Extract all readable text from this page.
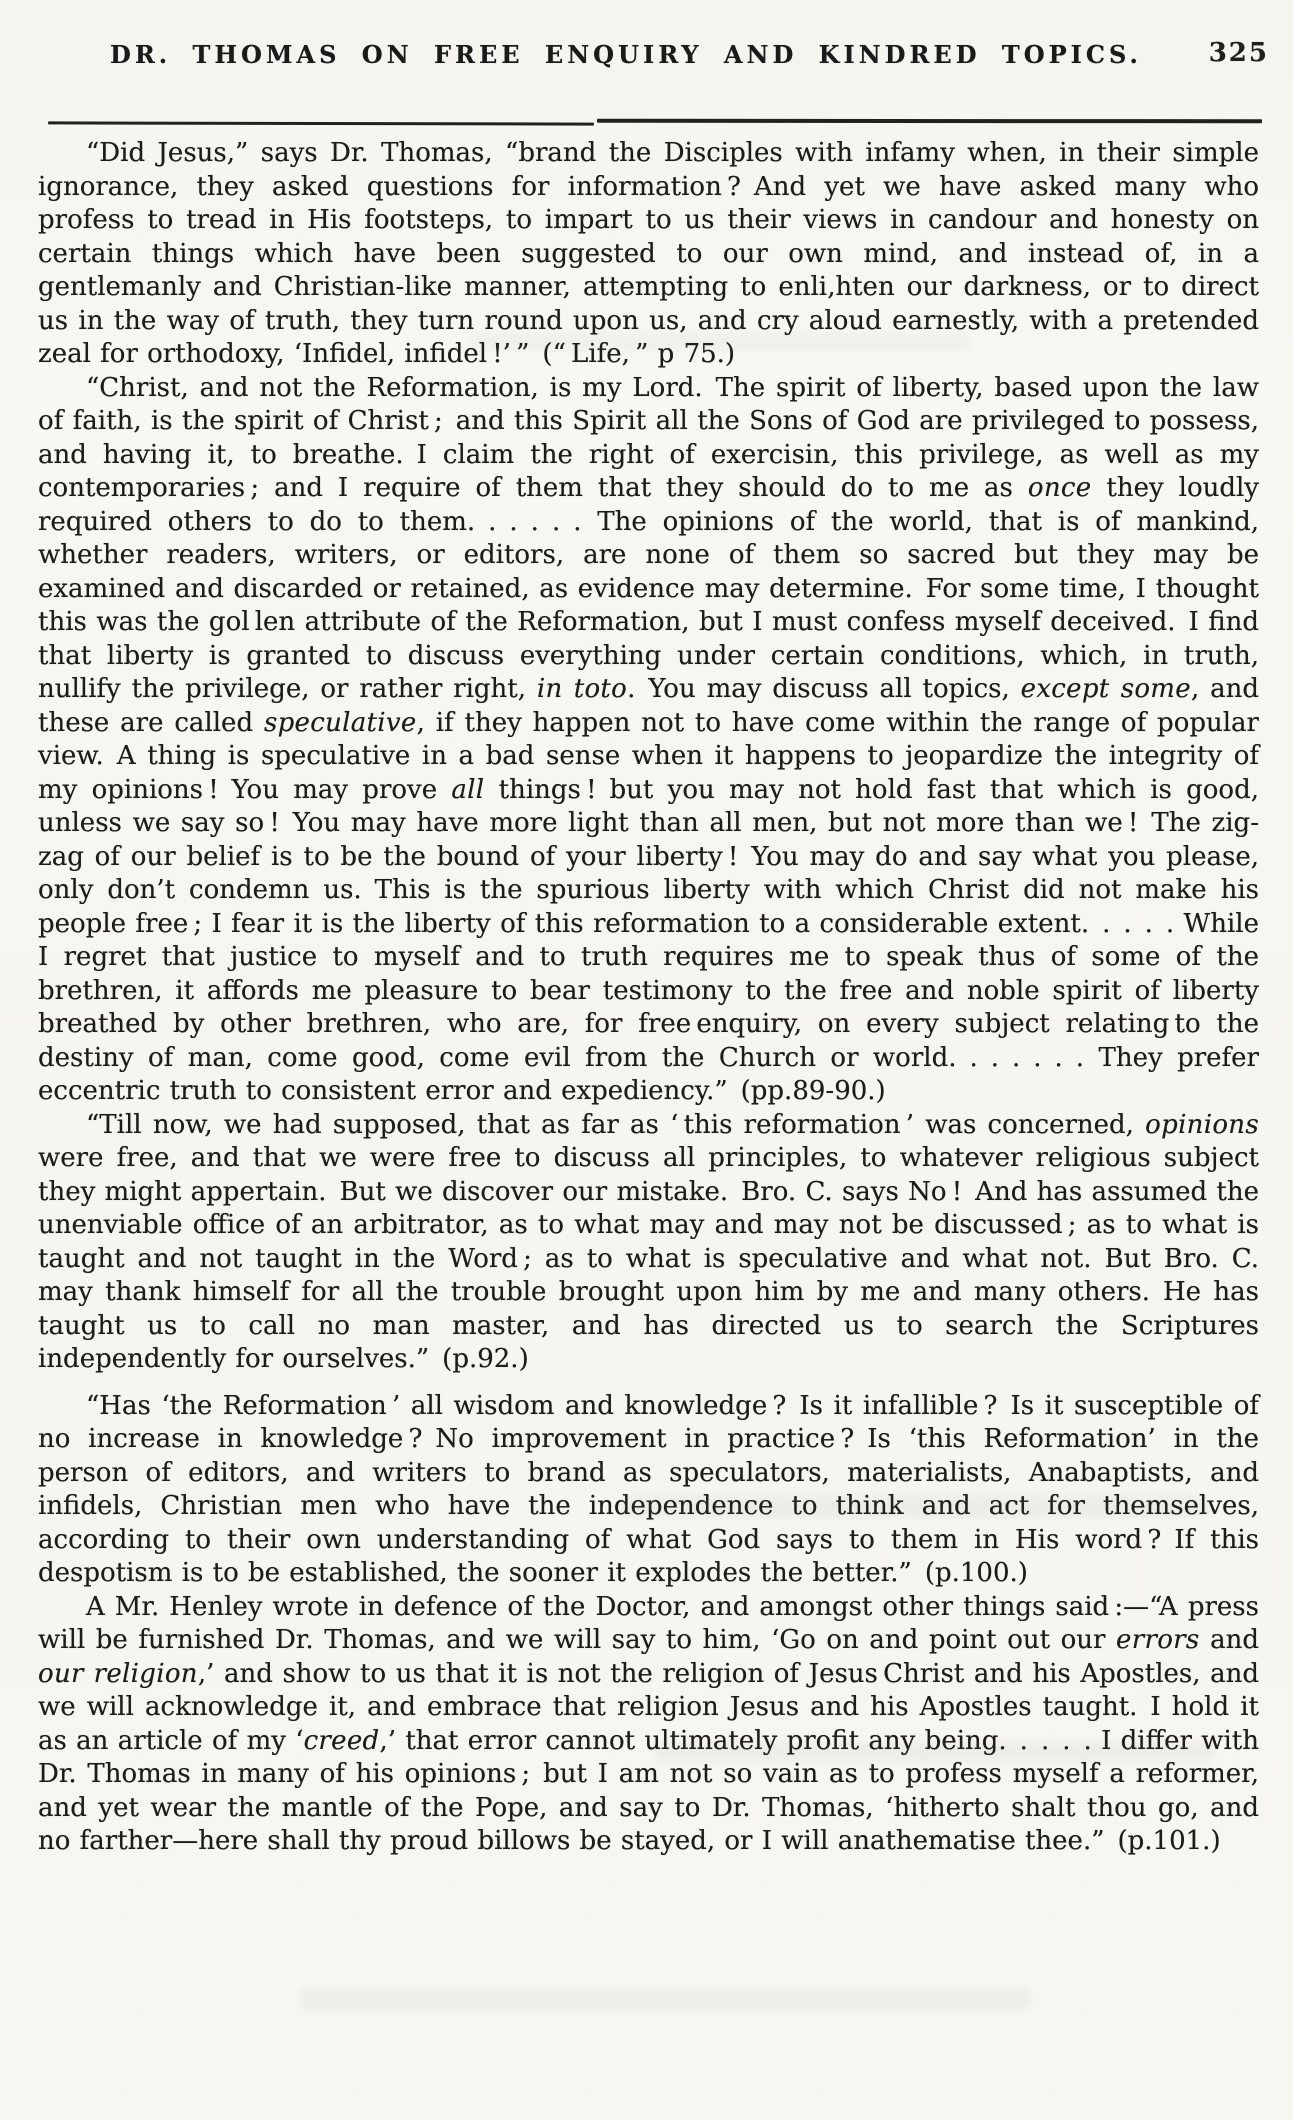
DR. THOMAS ON FREE ENQUIRY AND KINDRED TOPICS.	325

“Did Jesus,” says Dr. Thomas, “brand the Disciples with infamy when, in their simple ignorance, they asked questions for information ? And yet we have asked many who profess to tread in His footsteps, to impart to us their views in candour and honesty on certain things which have been suggested to our own mind, and instead of, in a gentlemanly and Christian-like manner, attempting to enli‚hten our darkness, or to direct us in the way of truth, they turn round upon us, and cry aloud earnestly, with a pretended zeal for orthodoxy, ‘Infidel, infidel !’ ” (“ Life, ” p 75.)

“Christ, and not the Reformation, is my Lord. The spirit of liberty, based upon the law of faith, is the spirit of Christ ; and this Spirit all the Sons of God are privileged to possess, and having it, to breathe. I claim the right of exercisin‚ this privilege, as well as my contemporaries ; and I require of them that they should do to me as once they loudly required others to do to them. . . . . . The opinions of the world, that is of mankind, whether readers, writers, or editors, are none of them so sacred but they may be examined and discarded or retained, as evidence may determine. For some time, I thought this was the gol len attribute of the Reformation, but I must confess myself deceived. I find that liberty is granted to discuss everything under certain conditions, which, in truth, nullify the privilege, or rather right, in toto. You may discuss all topics, except some, and these are called speculative, if they happen not to have come within the range of popular view. A thing is speculative in a bad sense when it happens to jeopardize the integrity of my opinions ! You may prove all things ! but you may not hold fast that which is good, unless we say so ! You may have more light than all men, but not more than we ! The zig-zag of our belief is to be the bound of your liberty ! You may do and say what you please, only don’t condemn us. This is the spurious liberty with which Christ did not make his people free ; I fear it is the liberty of this reformation to a considerable extent. . . . . While I regret that justice to myself and to truth requires me to speak thus of some of the brethren, it affords me pleasure to bear testimony to the free and noble spirit of liberty breathed by other brethren, who are, for free enquiry, on every subject relating to the destiny of man, come good, come evil from the Church or world. . . . . . . They prefer eccentric truth to consistent error and expediency.” (pp.89-90.)

“Till now, we had supposed, that as far as ‘ this reformation ’ was concerned, opinions were free, and that we were free to discuss all principles, to whatever religious subject they might appertain. But we discover our mistake. Bro. C. says No ! And has assumed the unenviable office of an arbitrator, as to what may and may not be discussed ; as to what is taught and not taught in the Word ; as to what is speculative and what not. But Bro. C. may thank himself for all the trouble brought upon him by me and many others. He has taught us to call no man master, and has directed us to search the Scriptures independently for ourselves.” (p.92.)

“Has ‘the Reformation ’ all wisdom and knowledge ? Is it infallible ? Is it susceptible of no increase in knowledge ? No improvement in practice ? Is ‘this Reformation’ in the person of editors, and writers to brand as speculators, materialists, Anabaptists, and infidels, Christian men who have the independence to think and act for themselves, according to their own understanding of what God says to them in His word ? If this despotism is to be established, the sooner it explodes the better.” (p.100.)

A Mr. Henley wrote in defence of the Doctor, and amongst other things said :—“A press will be furnished Dr. Thomas, and we will say to him, ‘Go on and point out our errors and our religion,’ and show to us that it is not the religion of Jesus Christ and his Apostles, and we will acknowledge it, and embrace that religion Jesus and his Apostles taught. I hold it as an article of my ‘creed,’ that error cannot ultimately profit any being. . . . . I differ with Dr. Thomas in many of his opinions ; but I am not so vain as to profess myself a reformer, and yet wear the mantle of the Pope, and say to Dr. Thomas, ‘hitherto shalt thou go, and no farther—here shall thy proud billows be stayed, or I will anathematise thee.” (p.101.)
